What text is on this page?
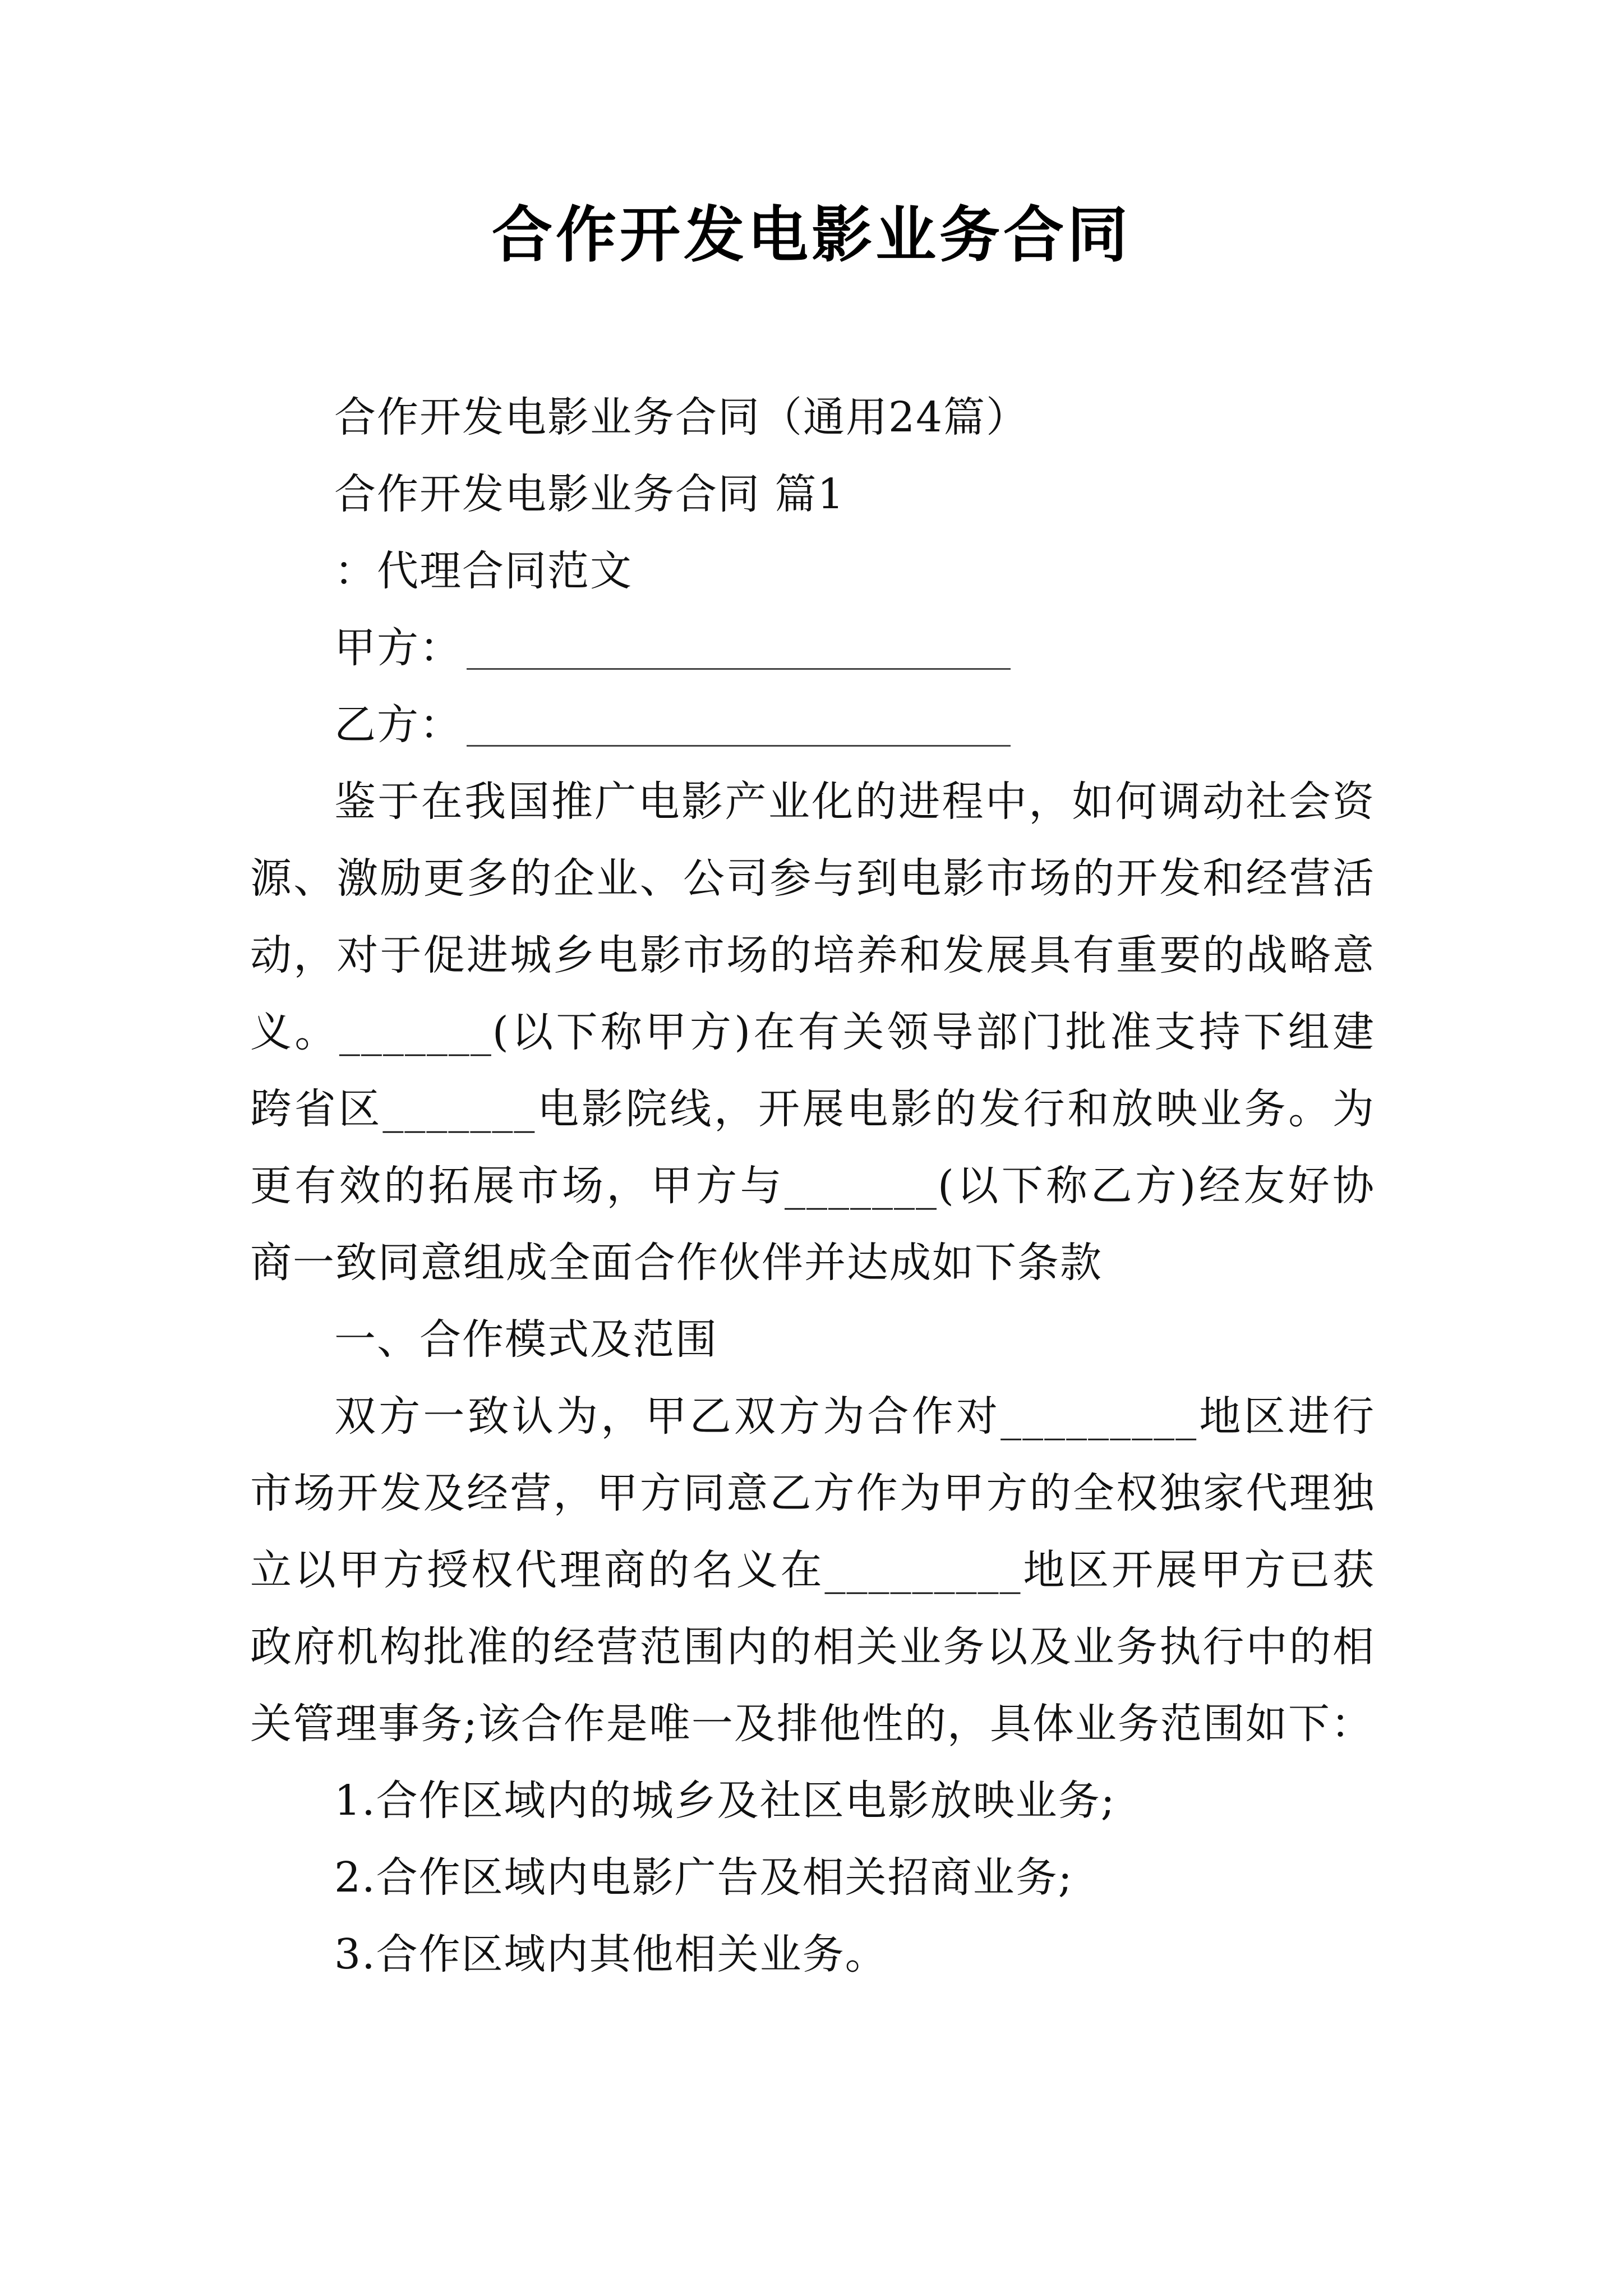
合作开发电影业务合同
合作开发电影业务合同（通用24篇）
合作开发电影业务合同 篇1
：代理合同范文
甲方：
乙方：

鉴于在我国推广电影产业化的进程中，如何调动社会资源、激励更多的企业、公司参与到电影市场的开发和经营活动，对于促进城乡电影市场的培养和发展具有重要的战略意义。_______(以下称甲方)在有关领导部门批准支持下组建跨省区_______电影院线，开展电影的发行和放映业务。为更有效的拓展市场，甲方与_______(以下称乙方)经友好协商一致同意组成全面合作伙伴并达成如下条款

一、合作模式及范围

双方一致认为，甲乙双方为合作对_________地区进行市场开发及经营，甲方同意乙方作为甲方的全权独家代理独立以甲方授权代理商的名义在_________地区开展甲方已获政府机构批准的经营范围内的相关业务以及业务执行中的相关管理事务;该合作是唯一及排他性的，具体业务范围如下：

1.合作区域内的城乡及社区电影放映业务;
2.合作区域内电影广告及相关招商业务;
3.合作区域内其他相关业务。
